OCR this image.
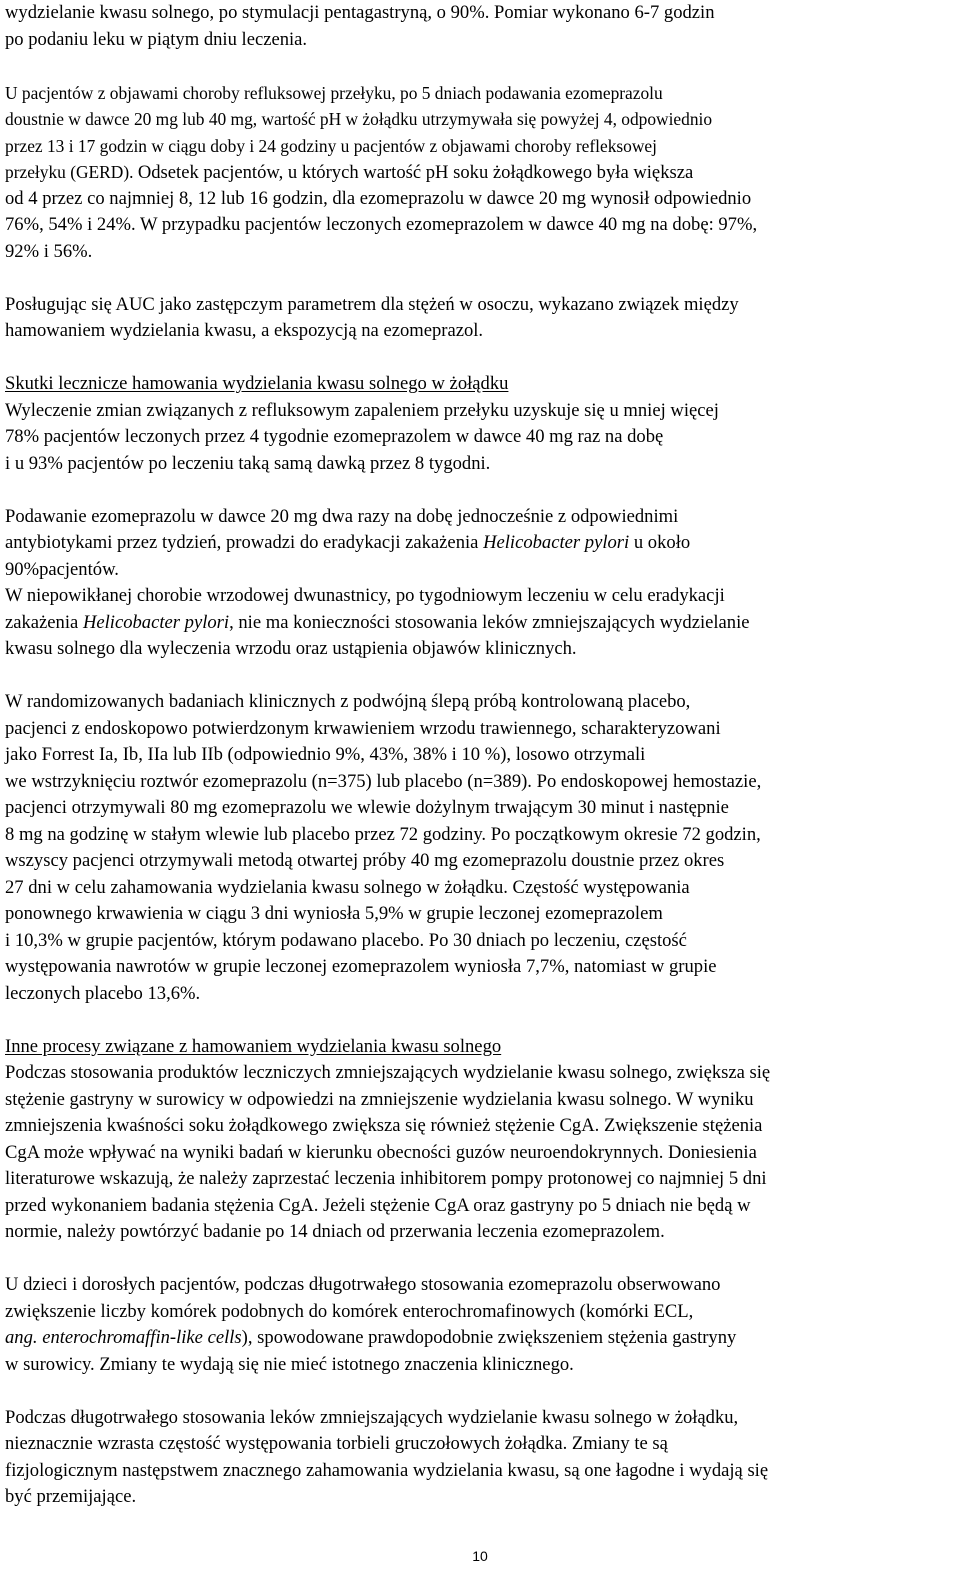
wydzielanie kwasu solnego, po stymulacji pentagastryną, o 90%. Pomiar wykonano 6-7 godzin
po podaniu leku w piątym dniu leczenia.
U pacjentów z objawami choroby refluksowej przełyku, po 5 dniach podawania ezomeprazolu
doustnie w dawce 20 mg lub 40 mg, wartość pH w żołądku utrzymywała się powyżej 4, odpowiednio
przez 13 i 17 godzin w ciągu doby i 24 godziny u pacjentów z objawami choroby refleksowej
przełyku (GERD). Odsetek pacjentów, u których wartość pH soku żołądkowego była większa
od 4 przez co najmniej 8, 12 lub 16 godzin, dla ezomeprazolu w dawce 20 mg wynosił odpowiednio
76%, 54% i 24%. W przypadku pacjentów leczonych ezomeprazolem w dawce 40 mg na dobę: 97%,
92% i 56%.
Posługując się AUC jako zastępczym parametrem dla stężeń w osoczu, wykazano związek między
hamowaniem wydzielania kwasu, a ekspozycją na ezomeprazol.
Skutki lecznicze hamowania wydzielania kwasu solnego w żołądku
Wyleczenie zmian związanych z refluksowym zapaleniem przełyku uzyskuje się u mniej więcej
78% pacjentów leczonych przez 4 tygodnie ezomeprazolem w dawce 40 mg raz na dobę
i u 93% pacjentów po leczeniu taką samą dawką przez 8 tygodni.
Podawanie ezomeprazolu w dawce 20 mg dwa razy na dobę jednocześnie z odpowiednimi
antybiotykami przez tydzień, prowadzi do eradykacji zakażenia Helicobacter pylori u około
90%pacjentów.
W niepowikłanej chorobie wrzodowej dwunastnicy, po tygodniowym leczeniu w celu eradykacji
zakażenia Helicobacter pylori, nie ma konieczności stosowania leków zmniejszających wydzielanie
kwasu solnego dla wyleczenia wrzodu oraz ustąpienia objawów klinicznych.
W randomizowanych badaniach klinicznych z podwójną ślepą próbą kontrolowaną placebo,
pacjenci z endoskopowo potwierdzonym krwawieniem wrzodu trawiennego, scharakteryzowani
jako Forrest Ia, Ib, IIa lub IIb (odpowiednio 9%, 43%, 38% i 10 %), losowo otrzymali
we wstrzyknięciu roztwór ezomeprazolu (n=375) lub placebo (n=389). Po endoskopowej hemostazie,
pacjenci otrzymywali 80 mg ezomeprazolu we wlewie dożylnym trwającym 30 minut i następnie
8 mg na godzinę w stałym wlewie lub placebo przez 72 godziny. Po początkowym okresie 72 godzin,
wszyscy pacjenci otrzymywali metodą otwartej próby 40 mg ezomeprazolu doustnie przez okres
27 dni w celu zahamowania wydzielania kwasu solnego w żołądku. Częstość występowania
ponownego krwawienia w ciągu 3 dni wyniosła 5,9% w grupie leczonej ezomeprazolem
i 10,3% w grupie pacjentów, którym podawano placebo. Po 30 dniach po leczeniu, częstość
występowania nawrotów w grupie leczonej ezomeprazolem wyniosła 7,7%, natomiast w grupie
leczonych placebo 13,6%.
Inne procesy związane z hamowaniem wydzielania kwasu solnego
Podczas stosowania produktów leczniczych zmniejszających wydzielanie kwasu solnego, zwiększa się
stężenie gastryny w surowicy w odpowiedzi na zmniejszenie wydzielania kwasu solnego. W wyniku
zmniejszenia kwaśności soku żołądkowego zwiększa się również stężenie CgA. Zwiększenie stężenia
CgA może wpływać na wyniki badań w kierunku obecności guzów neuroendokrynnych. Doniesienia
literaturowe wskazują, że należy zaprzestać leczenia inhibitorem pompy protonowej co najmniej 5 dni
przed wykonaniem badania stężenia CgA. Jeżeli stężenie CgA oraz gastryny po 5 dniach nie będą w
normie, należy powtórzyć badanie po 14 dniach od przerwania leczenia ezomeprazolem.
U dzieci i dorosłych pacjentów, podczas długotrwałego stosowania ezomeprazolu obserwowano
zwiększenie liczby komórek podobnych do komórek enterochromafinowych (komórki ECL,
ang. enterochromaffin-like cells), spowodowane prawdopodobnie zwiększeniem stężenia gastryny
w surowicy. Zmiany te wydają się nie mieć istotnego znaczenia klinicznego.
Podczas długotrwałego stosowania leków zmniejszających wydzielanie kwasu solnego w żołądku,
nieznacznie wzrasta częstość występowania torbieli gruczołowych żołądka. Zmiany te są
fizjologicznym następstwem znacznego zahamowania wydzielania kwasu, są one łagodne i wydają się
być przemijające.
10
